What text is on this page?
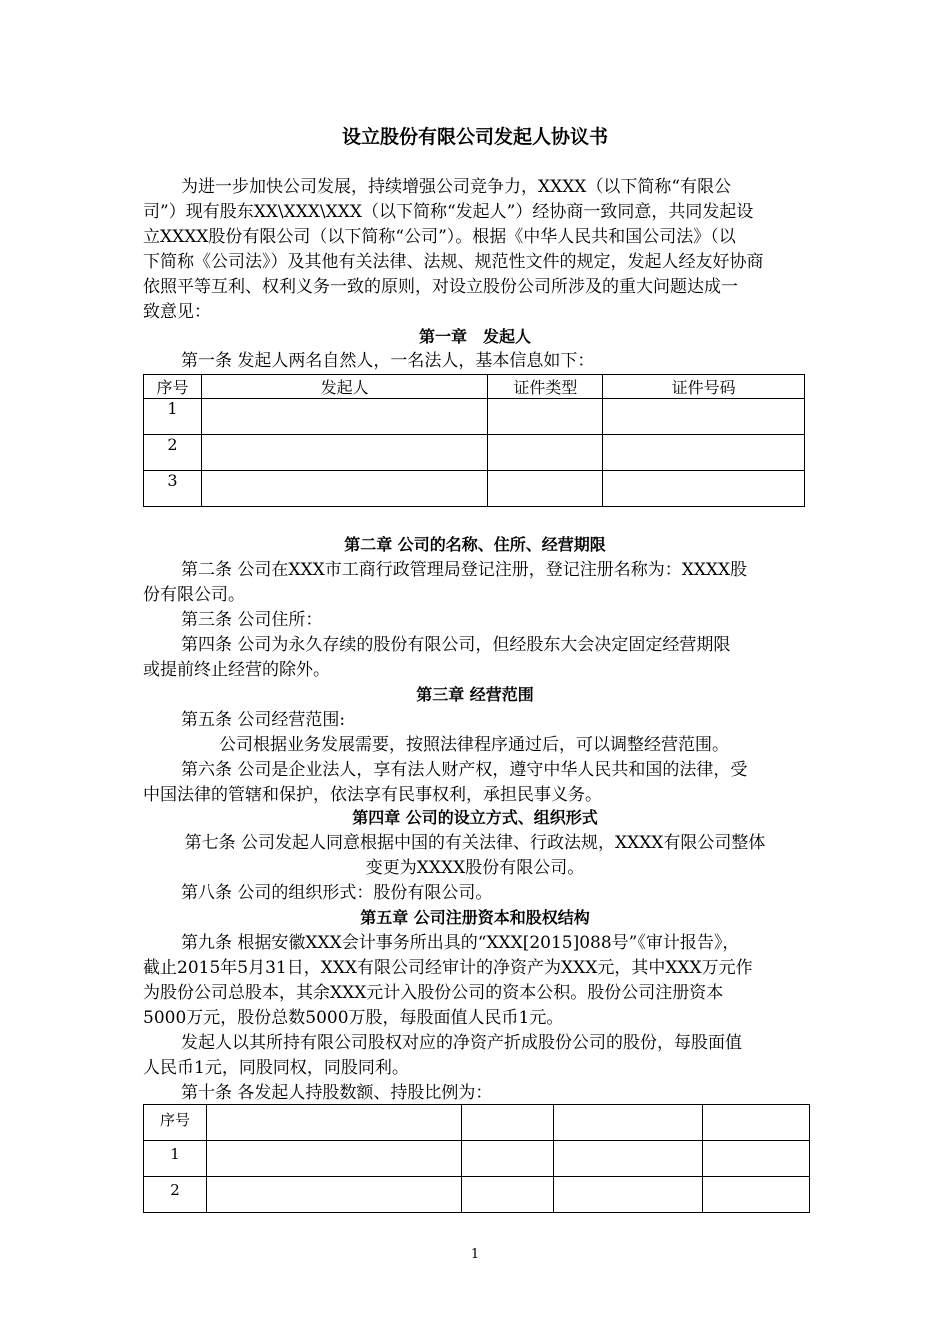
设立股份有限公司发起人协议书
为进一步加快公司发展，持续增强公司竞争力，XXXX（以下简称“有限公
司”）现有股东XX\XXX\XXX（以下简称“发起人”）经协商一致同意，共同发起设
立XXXX股份有限公司（以下简称“公司”）。根据《中华人民共和国公司法》（以
下简称《公司法》）及其他有关法律、法规、规范性文件的规定，发起人经友好协商
依照平等互利、权利义务一致的原则，对设立股份公司所涉及的重大问题达成一
致意见：
第一章　发起人
第一条 发起人两名自然人，一名法人，基本信息如下：
序号	发起人	证件类型	证件号码
1			
2			
3			
第二章 公司的名称、住所、经营期限
第二条 公司在XXX市工商行政管理局登记注册，登记注册名称为：XXXX股
份有限公司。
第三条 公司住所：
第四条 公司为永久存续的股份有限公司，但经股东大会决定固定经营期限
或提前终止经营的除外。
第三章 经营范围
第五条 公司经营范围:
公司根据业务发展需要，按照法律程序通过后，可以调整经营范围。
第六条 公司是企业法人，享有法人财产权，遵守中华人民共和国的法律，受
中国法律的管辖和保护，依法享有民事权利，承担民事义务。
第四章 公司的设立方式、组织形式
第七条 公司发起人同意根据中国的有关法律、行政法规，XXXX有限公司整体
变更为XXXX股份有限公司。
第八条 公司的组织形式：股份有限公司。
第五章 公司注册资本和股权结构
第九条 根据安徽XXX会计事务所出具的“XXX[2015]088号”《审计报告》，
截止2015年5月31日，XXX有限公司经审计的净资产为XXX元，其中XXX万元作
为股份公司总股本，其余XXX元计入股份公司的资本公积。股份公司注册资本
5000万元，股份总数5000万股，每股面值人民币1元。
发起人以其所持有限公司股权对应的净资产折成股份公司的股份，每股面值
人民币1元，同股同权，同股同利。
第十条 各发起人持股数额、持股比例为：
序号				
1				
2				
1
